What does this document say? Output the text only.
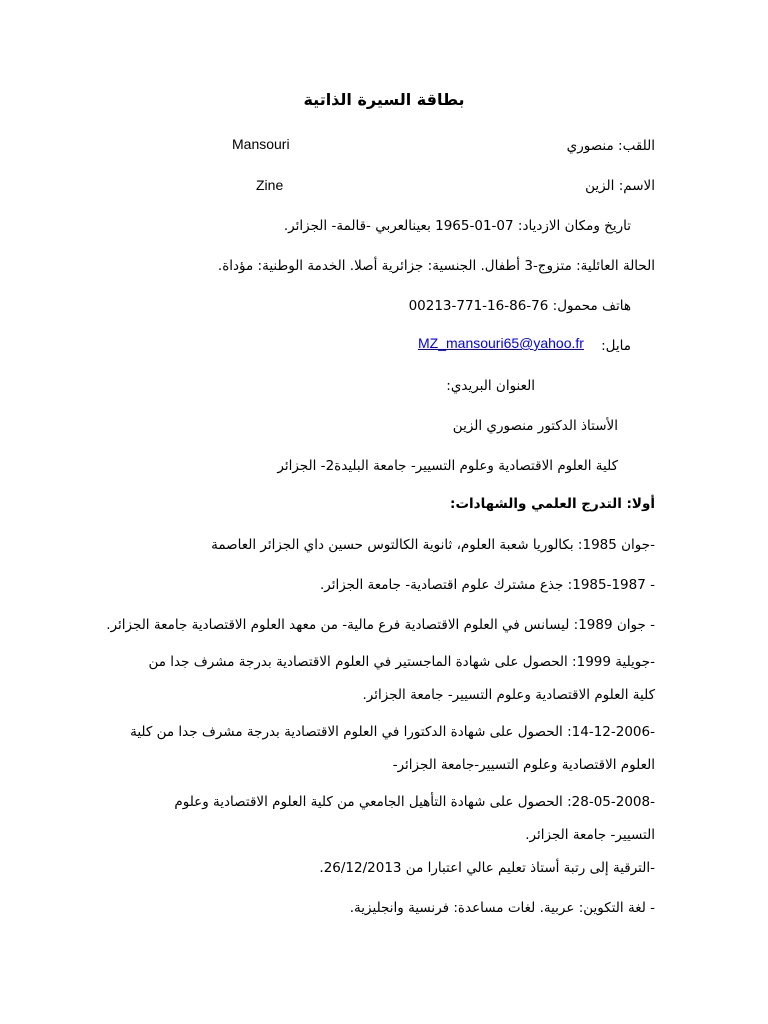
بطاقة السيرة الذاتية
اللقب: منصوري
Mansouri
الاسم: الزين
Zine
تاريخ ومكان الازدياد: 07-01-1965 بعينالعربي -قالمة- الجزائر.
الحالة العائلية: متزوج-3 أطفال. الجنسية: جزائرية أصلا. الخدمة الوطنية: مؤداة.
هاتف محمول: 76-86-16-771-00213
مايل:
MZ_mansouri65@yahoo.fr
العنوان البريدي:
الأستاذ الدكتور منصوري الزين
كلية العلوم الاقتصادية وعلوم التسيير- جامعة البليدة2- الجزائر
أولا: التدرج العلمي والشهادات:
-جوان 1985: بكالوريا شعبة العلوم، ثانوية الكالتوس حسين داي الجزائر العاصمة
- 1985-1987: جذع مشترك علوم اقتصادية- جامعة الجزائر.
- جوان 1989: ليسانس في العلوم الاقتصادية فرع مالية- من معهد العلوم الاقتصادية جامعة الجزائر.
-جويلية 1999: الحصول على شهادة الماجستير في العلوم الاقتصادية بدرجة مشرف جدا من كلية العلوم الاقتصادية وعلوم التسيير- جامعة الجزائر.
-14-12-2006: الحصول على شهادة الدكتورا في العلوم الاقتصادية بدرجة مشرف جدا من كلية العلوم الاقتصادية وعلوم التسيير-جامعة الجزائر-
-28-05-2008: الحصول على شهادة التأهيل الجامعي من كلية العلوم الاقتصادية وعلوم التسيير- جامعة الجزائر.
-الترقية إلى رتبة أستاذ تعليم عالي اعتبارا من 26/12/2013.
- لغة التكوين: عربية. لغات مساعدة: فرنسية وانجليزية.
